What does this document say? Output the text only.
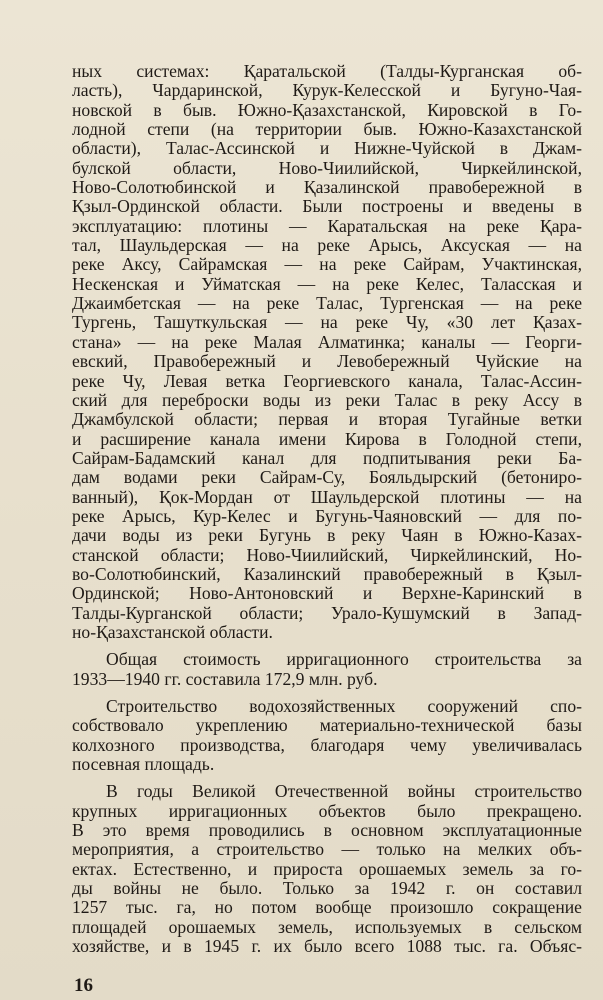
ных системах: Қаратальской (Талды-Курганская об-
ласть), Чардаринской, Курук-Келесской и Бугуно-Чая-
новской в быв. Южно-Қазахстанской, Кировской в Го-
лодной степи (на территории быв. Южно-Казахстанской
области), Талас-Ассинской и Нижне-Чуйской в Джам-
булской области, Ново-Чиилийской, Чиркейлинской,
Ново-Солотюбинской и Қазалинской правобережной в
Қзыл-Ординской области. Были построены и введены в
эксплуатацию: плотины — Каратальская на реке Қара-
тал, Шаульдерская — на реке Арысь, Аксуская — на
реке Аксу, Сайрамская — на реке Сайрам, Учактинская,
Нескенская и Уйматская — на реке Келес, Таласская и
Джаимбетская — на реке Талас, Тургенская — на реке
Тургень, Ташуткульская — на реке Чу, «30 лет Қазах-
стана» — на реке Малая Алматинка; каналы — Георги-
евский, Правобережный и Левобережный Чуйские на
реке Чу, Левая ветка Георгиевского канала, Талас-Ассин-
ский для переброски воды из реки Талас в реку Ассу в
Джамбулской области; первая и вторая Тугайные ветки
и расширение канала имени Кирова в Голодной степи,
Сайрам-Бадамский канал для подпитывания реки Ба-
дам водами реки Сайрам-Су, Бояльдырский (бетониро-
ванный), Қок-Мордан от Шаульдерской плотины — на
реке Арысь, Кур-Келес и Бугунь-Чаяновский — для по-
дачи воды из реки Бугунь в реку Чаян в Южно-Казах-
станской области; Ново-Чиилийский, Чиркейлинский, Но-
во-Солотюбинский, Казалинский правобережный в Қзыл-
Ординской; Ново-Антоновский и Верхне-Каринский в
Талды-Курганской области; Урало-Кушумский в Запад-
но-Қазахстанской области.
Общая стоимость ирригационного строительства за
1933—1940 гг. составила 172,9 млн. руб.
Строительство водохозяйственных сооружений спо-
собствовало укреплению материально-технической базы
колхозного производства, благодаря чему увеличивалась
посевная площадь.
В годы Великой Отечественной войны строительство
крупных ирригационных объектов было прекращено.
В это время проводились в основном эксплуатационные
мероприятия, а строительство — только на мелких объ-
ектах. Естественно, и прироста орошаемых земель за го-
ды войны не было. Только за 1942 г. он составил
1257 тыс. га, но потом вообще произошло сокращение
площадей орошаемых земель, используемых в сельском
хозяйстве, и в 1945 г. их было всего 1088 тыс. га. Объяс-
16
